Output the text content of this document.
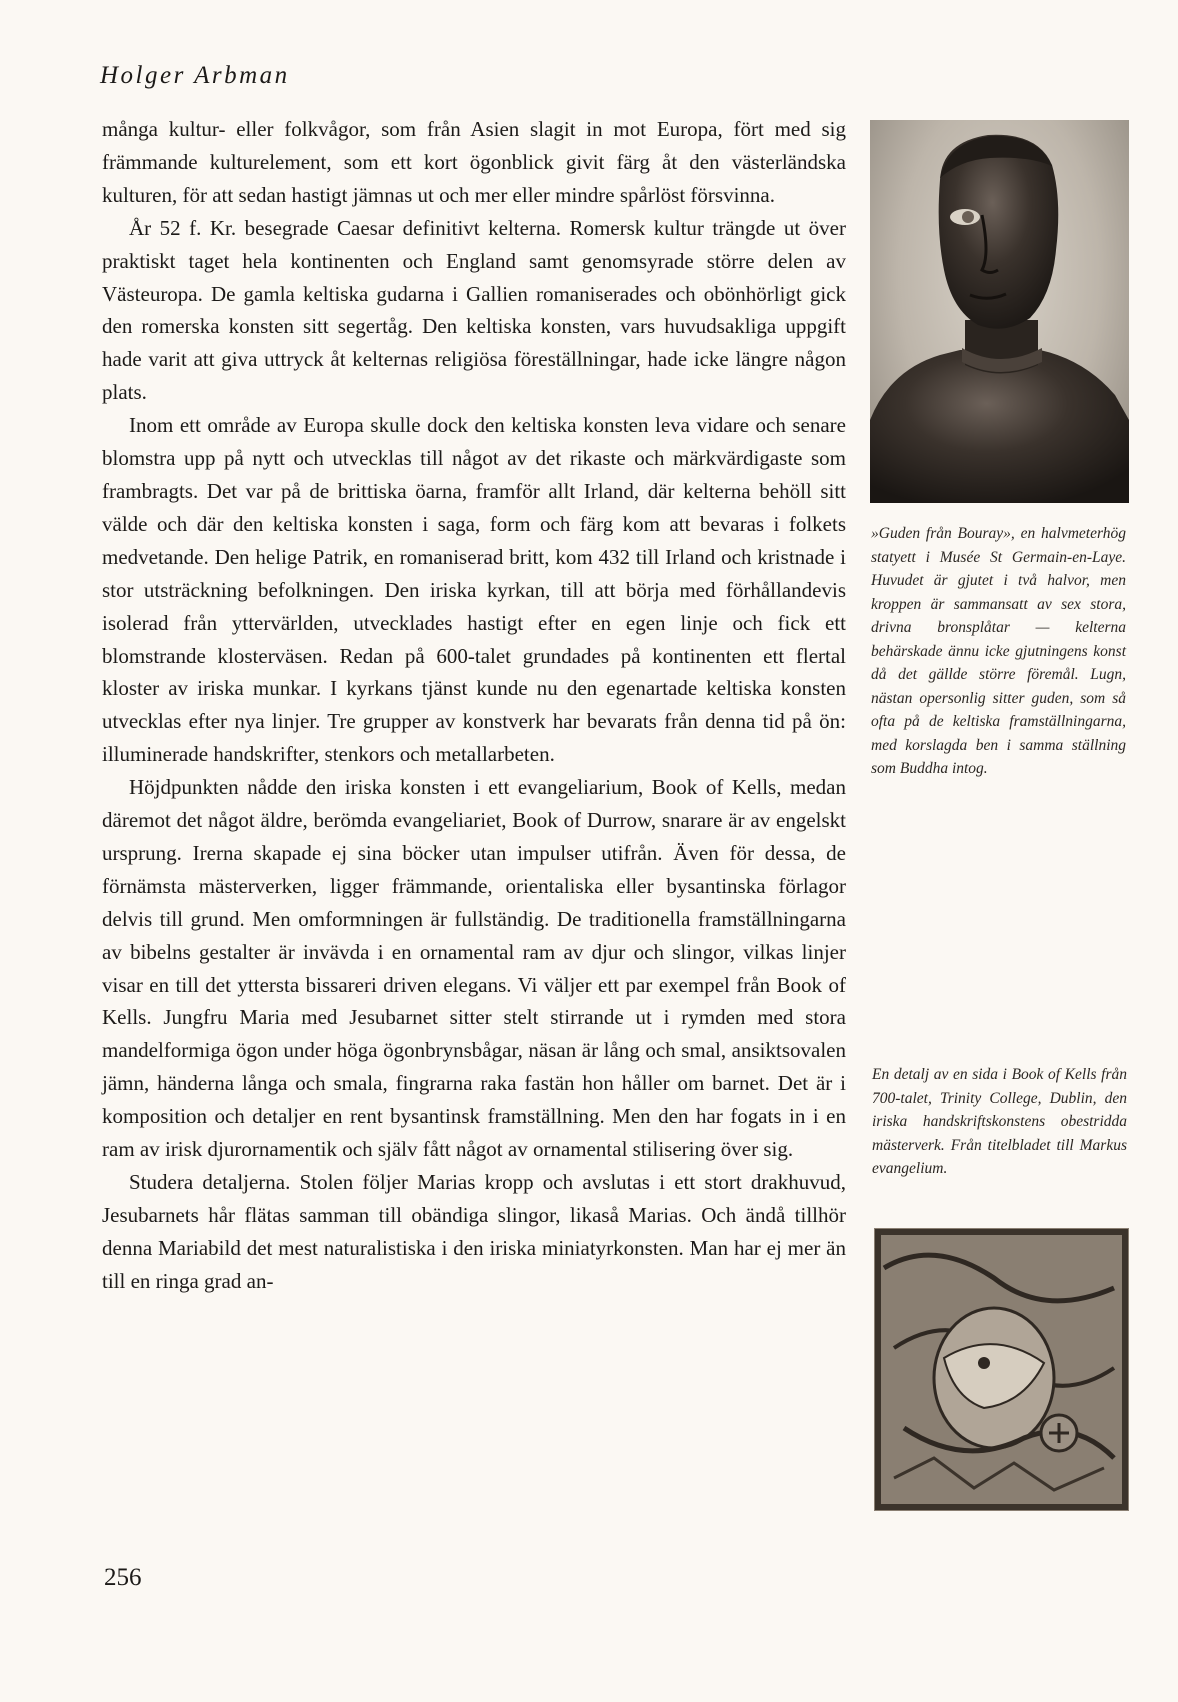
Holger Arbman

många kultur- eller folkvågor, som från Asien slagit in mot Europa, fört med sig främmande kulturelement, som ett kort ögonblick givit färg åt den västerländska kulturen, för att sedan hastigt jämnas ut och mer eller mindre spårlöst försvinna.

År 52 f. Kr. besegrade Caesar definitivt kelterna. Romersk kultur trängde ut över praktiskt taget hela kontinenten och England samt genomsyrade större delen av Västeuropa. De gamla keltiska gudarna i Gallien romaniserades och obönhörligt gick den romerska konsten sitt segertåg. Den keltiska konsten, vars huvudsakliga uppgift hade varit att giva uttryck åt kelternas religiösa föreställningar, hade icke längre någon plats.

Inom ett område av Europa skulle dock den keltiska konsten leva vidare och senare blomstra upp på nytt och utvecklas till något av det rikaste och märkvärdigaste som frambragts. Det var på de brittiska öarna, framför allt Irland, där kelterna behöll sitt välde och där den keltiska konsten i saga, form och färg kom att bevaras i folkets medvetande. Den helige Patrik, en romaniserad britt, kom 432 till Irland och kristnade i stor utsträckning befolkningen. Den iriska kyrkan, till att börja med förhållandevis isolerad från yttervärlden, utvecklades hastigt efter en egen linje och fick ett blomstrande klosterväsen. Redan på 600-talet grundades på kontinenten ett flertal kloster av iriska munkar. I kyrkans tjänst kunde nu den egenartade keltiska konsten utvecklas efter nya linjer. Tre grupper av konstverk har bevarats från denna tid på ön: illuminerade handskrifter, stenkors och metallarbeten.

Höjdpunkten nådde den iriska konsten i ett evangeliarium, Book of Kells, medan däremot det något äldre, berömda evangeliariet, Book of Durrow, snarare är av engelskt ursprung. Irerna skapade ej sina böcker utan impulser utifrån. Även för dessa, de förnämsta mästerverken, ligger främmande, orientaliska eller bysantinska förlagor delvis till grund. Men omformningen är fullständig. De traditionella framställningarna av bibelns gestalter är invävda i en ornamental ram av djur och slingor, vilkas linjer visar en till det yttersta bissareri driven elegans. Vi väljer ett par exempel från Book of Kells. Jungfru Maria med Jesubarnet sitter stelt stirrande ut i rymden med stora mandelformiga ögon under höga ögonbrynsbågar, näsan är lång och smal, ansiktsovalen jämn, händerna långa och smala, fingrarna raka fastän hon håller om barnet. Det är i komposition och detaljer en rent bysantinsk framställning. Men den har fogats in i en ram av irisk djurornamentik och själv fått något av ornamental stilisering över sig.

Studera detaljerna. Stolen följer Marias kropp och avslutas i ett stort drakhuvud, Jesubarnets hår flätas samman till obändiga slingor, likaså Marias. Och ändå tillhör denna Mariabild det mest naturalistiska i den iriska miniatyrkonsten. Man har ej mer än till en ringa grad an-

»Guden från Bouray», en halvmeterhög statyett i Musée St Germain-en-Laye. Huvudet är gjutet i två halvor, men kroppen är sammansatt av sex stora, drivna bronsplåtar — kelterna behärskade ännu icke gjutningens konst då det gällde större föremål. Lugn, nästan opersonlig sitter guden, som så ofta på de keltiska framställningarna, med korslagda ben i samma ställning som Buddha intog.
En detalj av en sida i Book of Kells från 700-talet, Trinity College, Dublin, den iriska handskriftskonstens obestridda mästerverk. Från titelbladet till Markus evangelium.
256
